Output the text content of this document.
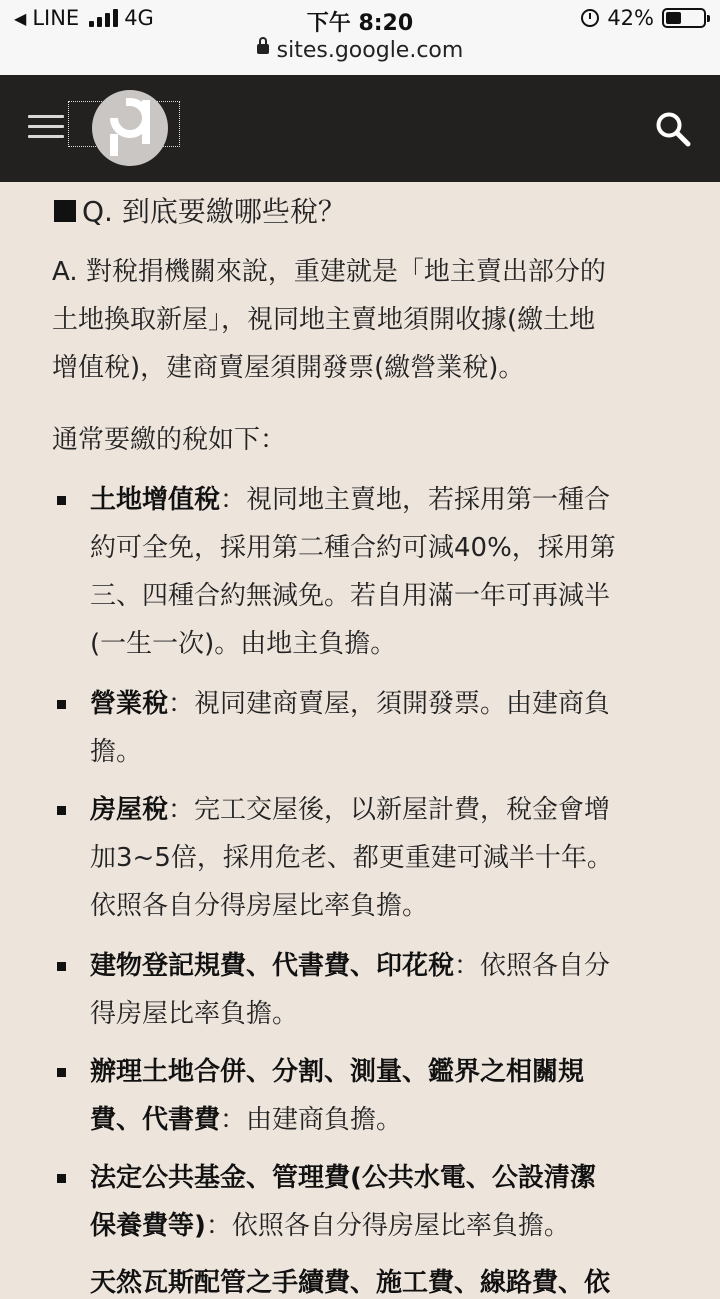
◀ LINE 4G	下午 8:20	42%
sites.google.com
Q. 到底要繳哪些稅？
A. 對稅捐機關來說，重建就是「地主賣出部分的
土地換取新屋」，視同地主賣地須開收據(繳土地
增值稅)，建商賣屋須開發票(繳營業稅)。
通常要繳的稅如下：
土地增值稅：視同地主賣地，若採用第一種合
約可全免，採用第二種合約可減40%，採用第
三、四種合約無減免。若自用滿一年可再減半
(一生一次)。由地主負擔。
營業稅：視同建商賣屋，須開發票。由建商負
擔。
房屋稅：完工交屋後，以新屋計費，稅金會增
加3~5倍，採用危老、都更重建可減半十年。
依照各自分得房屋比率負擔。
建物登記規費、代書費、印花稅：依照各自分
得房屋比率負擔。
辦理土地合併、分割、測量、鑑界之相關規
費、代書費：由建商負擔。
法定公共基金、管理費(公共水電、公設清潔
保養費等)：依照各自分得房屋比率負擔。
天然瓦斯配管之手續費、施工費、線路費、依
